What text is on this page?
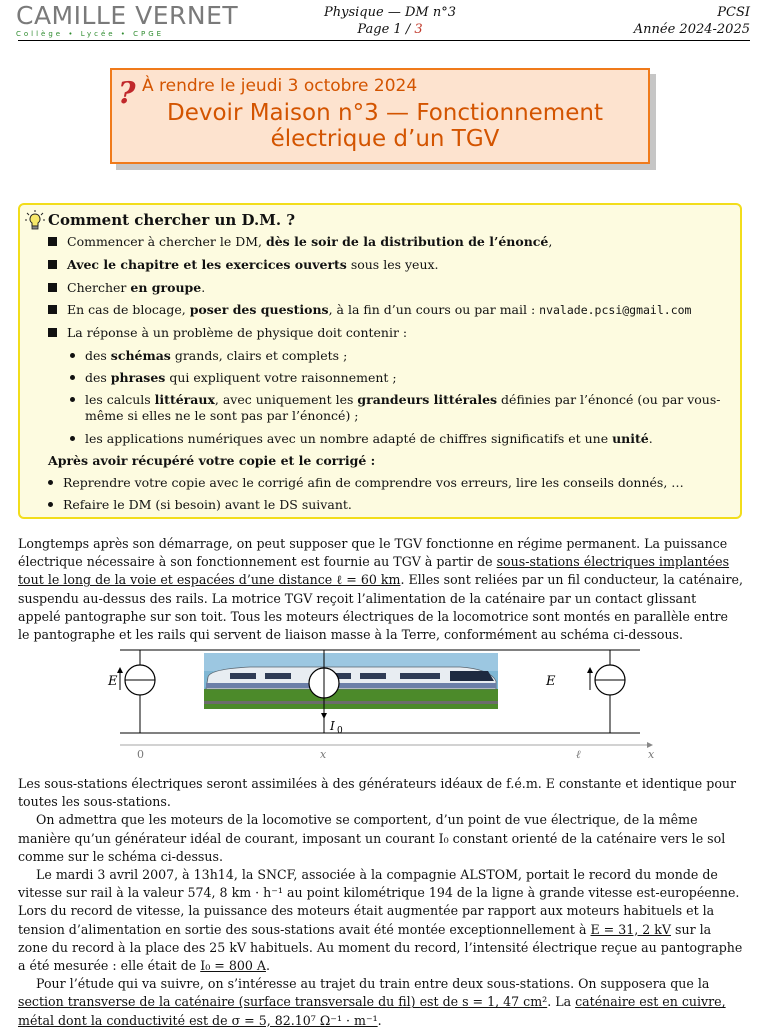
CAMILLE VERNET
Collège • Lycée • CPGE
Physique — DM n°3
Page 1 / 3
PCSI
Année 2024-2025
? À rendre le jeudi 3 octobre 2024
Devoir Maison n°3 — Fonctionnement
électrique d’un TGV
Comment chercher un D.M. ?
Commencer à chercher le DM, dès le soir de la distribution de l’énoncé,
Avec le chapitre et les exercices ouverts sous les yeux.
Chercher en groupe.
En cas de blocage, poser des questions, à la fin d’un cours ou par mail : nvalade.pcsi@gmail.com
La réponse à un problème de physique doit contenir :
des schémas grands, clairs et complets ;
des phrases qui expliquent votre raisonnement ;
les calculs littéraux, avec uniquement les grandeurs littérales définies par l’énoncé (ou par vous-
même si elles ne le sont pas par l’énoncé) ;
les applications numériques avec un nombre adapté de chiffres significatifs et une unité.
Après avoir récupéré votre copie et le corrigé :
Reprendre votre copie avec le corrigé afin de comprendre vos erreurs, lire les conseils donnés, …
Refaire le DM (si besoin) avant le DS suivant.
Longtemps après son démarrage, on peut supposer que le TGV fonctionne en régime permanent. La puissance
électrique nécessaire à son fonctionnement est fournie au TGV à partir de sous-stations électriques implantées
tout le long de la voie et espacées d’une distance ℓ = 60 km. Elles sont reliées par un fil conducteur, la caténaire,
suspendu au-dessus des rails. La motrice TGV reçoit l’alimentation de la caténaire par un contact glissant
appelé pantographe sur son toit. Tous les moteurs électriques de la locomotrice sont montés en parallèle entre
le pantographe et les rails qui servent de liaison masse à la Terre, conformément au schéma ci-dessous.
E	E
I 0
0	x	ℓ	x
Les sous-stations électriques seront assimilées à des générateurs idéaux de f.é.m. E constante et identique pour
toutes les sous-stations.
On admettra que les moteurs de la locomotive se comportent, d’un point de vue électrique, de la même
manière qu’un générateur idéal de courant, imposant un courant I₀ constant orienté de la caténaire vers le sol
comme sur le schéma ci-dessus.
Le mardi 3 avril 2007, à 13h14, la SNCF, associée à la compagnie ALSTOM, portait le record du monde de
vitesse sur rail à la valeur 574, 8 km · h⁻¹ au point kilométrique 194 de la ligne à grande vitesse est-européenne.
Lors du record de vitesse, la puissance des moteurs était augmentée par rapport aux moteurs habituels et la
tension d’alimentation en sortie des sous-stations avait été montée exceptionnellement à E = 31, 2 kV sur la
zone du record à la place des 25 kV habituels. Au moment du record, l’intensité électrique reçue au pantographe
a été mesurée : elle était de I₀ = 800 A.
Pour l’étude qui va suivre, on s’intéresse au trajet du train entre deux sous-stations. On supposera que la
section transverse de la caténaire (surface transversale du fil) est de s = 1, 47 cm². La caténaire est en cuivre,
métal dont la conductivité est de σ = 5, 82.10⁷ Ω⁻¹ · m⁻¹.
